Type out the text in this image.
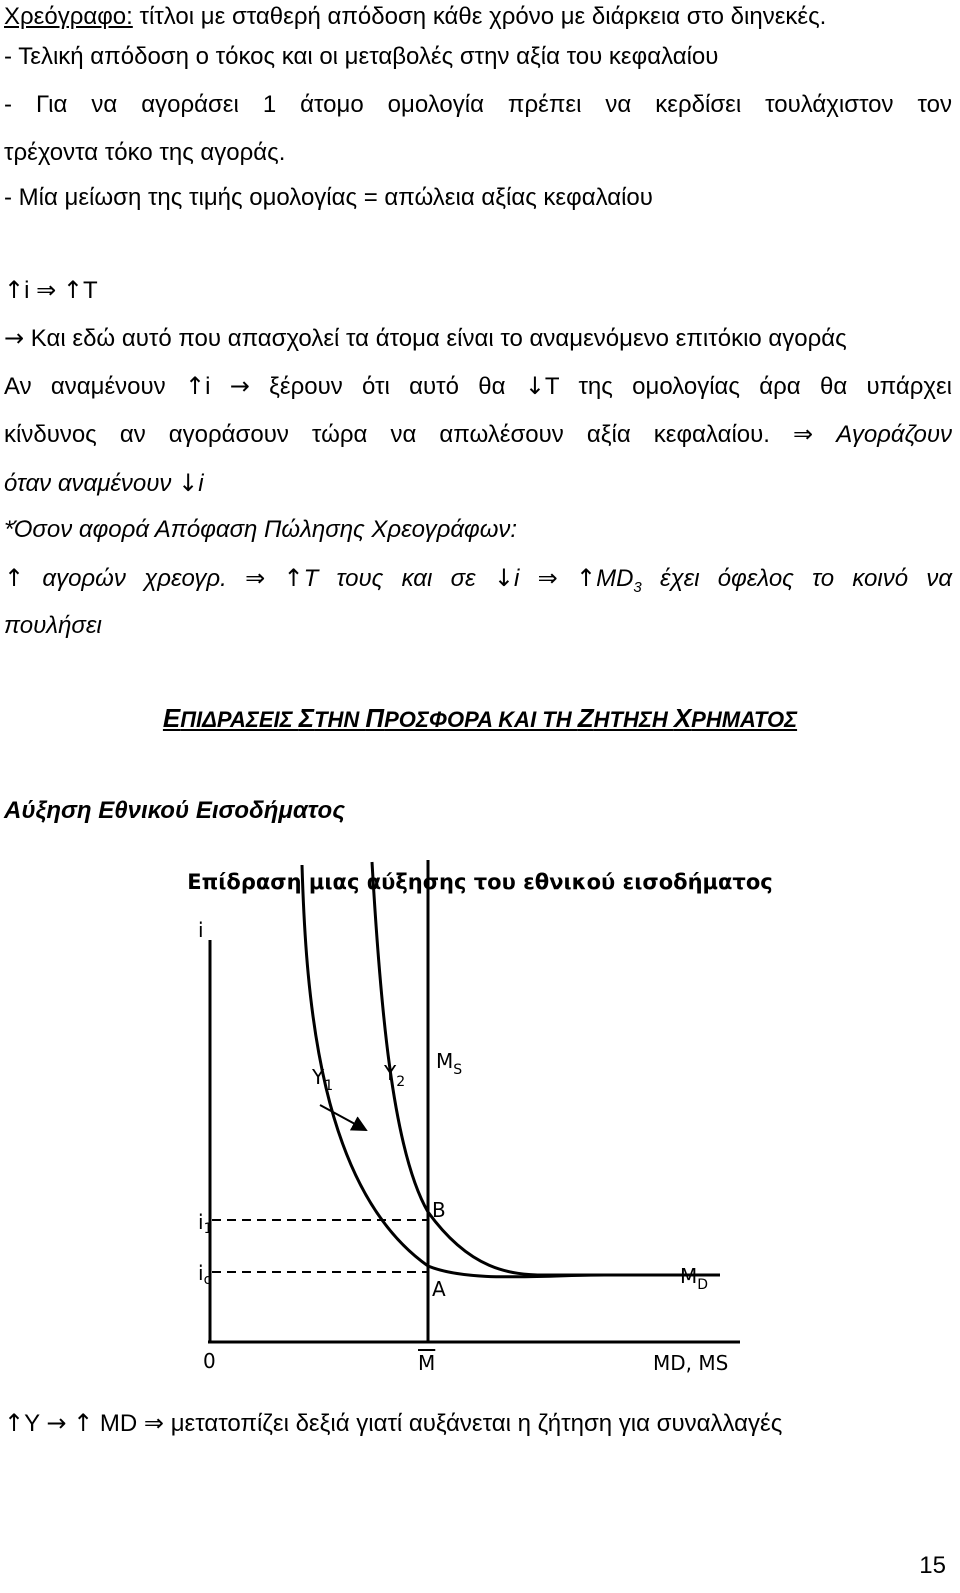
Χρεόγραφο: τίτλοι με σταθερή απόδοση κάθε χρόνο με διάρκεια στο διηνεκές.
- Τελική απόδοση ο τόκος και οι μεταβολές στην αξία του κεφαλαίου
- Για να αγοράσει 1 άτομο ομολογία πρέπει να κερδίσει τουλάχιστον τον
τρέχοντα τόκο της αγοράς.
- Μία μείωση της τιμής ομολογίας = απώλεια αξίας κεφαλαίου
↑i ⇒ ↑T
→ Και εδώ αυτό που απασχολεί τα άτομα είναι το αναμενόμενο επιτόκιο αγοράς
Αν αναμένουν ↑i → ξέρουν ότι αυτό θα ↓T της ομολογίας άρα θα υπάρχει
κίνδυνος αν αγοράσουν τώρα να απωλέσουν αξία κεφαλαίου. ⇒ Αγοράζουν
όταν αναμένουν ↓i
*Όσον αφορά Απόφαση Πώλησης Χρεογράφων:
↑ αγορών χρεογρ. ⇒ ↑T τους και σε ↓i ⇒ $↑MD_3$ έχει όφελος το κοινό να
πουλήσει
ΕΠΙΔΡΑΣΕΙΣ ΣΤΗΝ ΠΡΟΣΦΟΡΑ ΚΑΙ ΤΗ ΖΗΤΗΣΗ ΧΡΗΜΑΤΟΣ
Αύξηση Εθνικού Εισοδήματος
Επίδραση μιας αύξησης του εθνικού εισοδήματος
i
0	MD, MS
$Y_1$
$Y_2$
$M_S$
$M_D$
B
A
$i_1$
$i_o$
M
↑Y → ↑ MD ⇒ μετατοπίζει δεξιά γιατί αυξάνεται η ζήτηση για συναλλαγές
15
